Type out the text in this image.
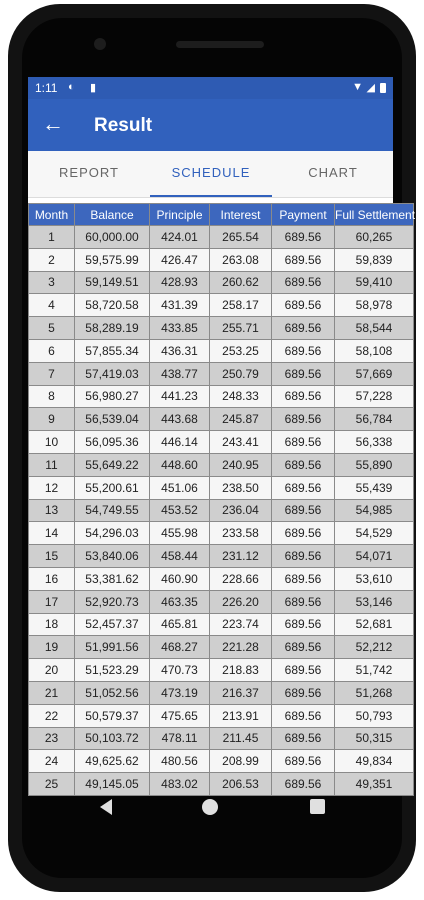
1:11 ◐ ▮	▼ ◢
← Result
REPORT	SCHEDULE	CHART
Month	Balance	Principle	Interest	Payment	Full Settlement
1	60,000.00	424.01	265.54	689.56	60,265
2	59,575.99	426.47	263.08	689.56	59,839
3	59,149.51	428.93	260.62	689.56	59,410
4	58,720.58	431.39	258.17	689.56	58,978
5	58,289.19	433.85	255.71	689.56	58,544
6	57,855.34	436.31	253.25	689.56	58,108
7	57,419.03	438.77	250.79	689.56	57,669
8	56,980.27	441.23	248.33	689.56	57,228
9	56,539.04	443.68	245.87	689.56	56,784
10	56,095.36	446.14	243.41	689.56	56,338
11	55,649.22	448.60	240.95	689.56	55,890
12	55,200.61	451.06	238.50	689.56	55,439
13	54,749.55	453.52	236.04	689.56	54,985
14	54,296.03	455.98	233.58	689.56	54,529
15	53,840.06	458.44	231.12	689.56	54,071
16	53,381.62	460.90	228.66	689.56	53,610
17	52,920.73	463.35	226.20	689.56	53,146
18	52,457.37	465.81	223.74	689.56	52,681
19	51,991.56	468.27	221.28	689.56	52,212
20	51,523.29	470.73	218.83	689.56	51,742
21	51,052.56	473.19	216.37	689.56	51,268
22	50,579.37	475.65	213.91	689.56	50,793
23	50,103.72	478.11	211.45	689.56	50,315
24	49,625.62	480.56	208.99	689.56	49,834
25	49,145.05	483.02	206.53	689.56	49,351
